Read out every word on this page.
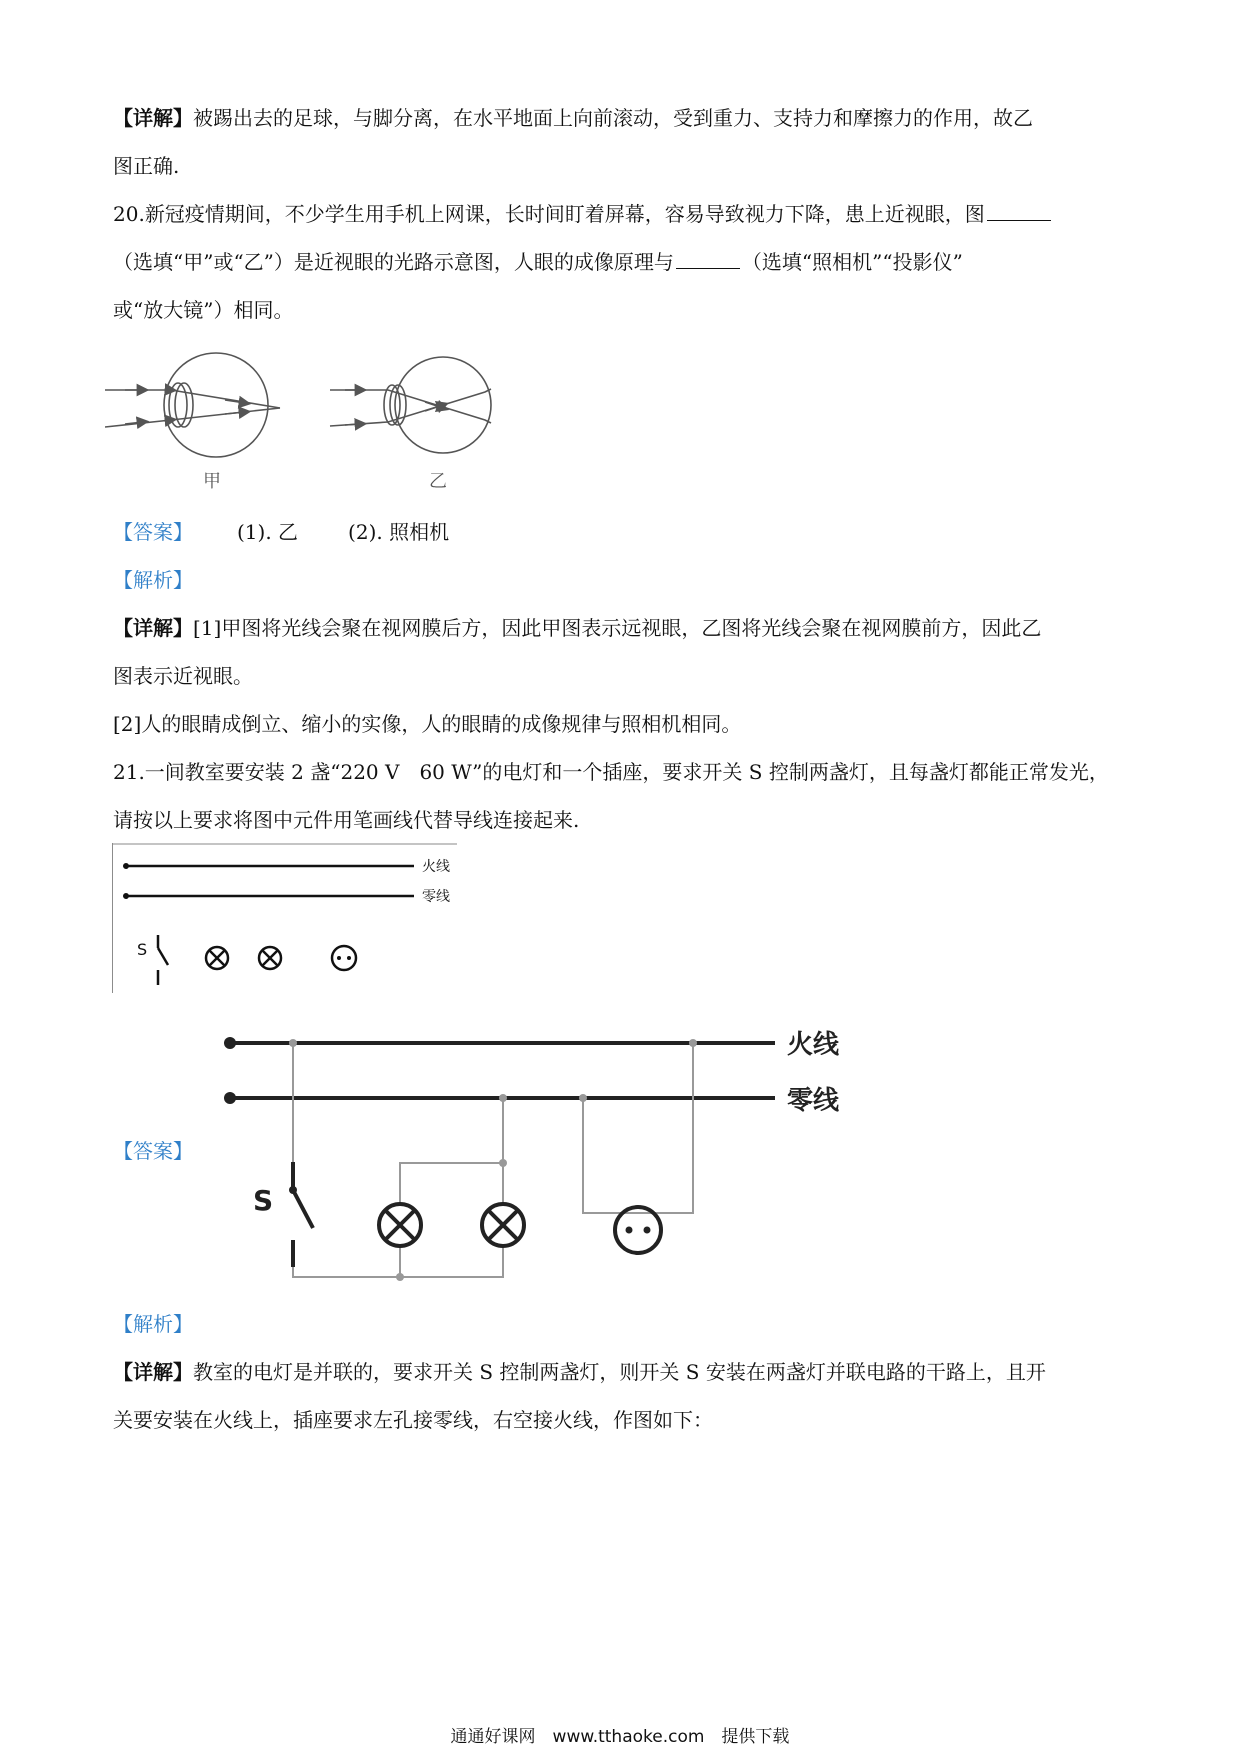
【详解】被踢出去的足球，与脚分离，在水平地面上向前滚动，受到重力、支持力和摩擦力的作用，故乙
图正确.
20.新冠疫情期间，不少学生用手机上网课，长时间盯着屏幕，容易导致视力下降，患上近视眼，图
（选填“甲”或“乙”）是近视眼的光路示意图，人眼的成像原理与	（选填“照相机”“投影仪”
或“放大镜”）相同。
甲	乙
【答案】 (1). 乙	(2). 照相机
【解析】
【详解】[1]甲图将光线会聚在视网膜后方，因此甲图表示远视眼，乙图将光线会聚在视网膜前方，因此乙
图表示近视眼。
[2]人的眼睛成倒立、缩小的实像，人的眼睛的成像规律与照相机相同。
21.一间教室要安装 2 盏“220 V　60 W”的电灯和一个插座，要求开关 S 控制两盏灯，且每盏灯都能正常发光，
请按以上要求将图中元件用笔画线代替导线连接起来.
火线
零线
S
【答案】
火线
零线
S
【解析】
【详解】教室的电灯是并联的，要求开关 S 控制两盏灯，则开关 S 安装在两盏灯并联电路的干路上，且开
关要安装在火线上，插座要求左孔接零线，右空接火线，作图如下：
通通好课网　www.tthaoke.com　提供下载
